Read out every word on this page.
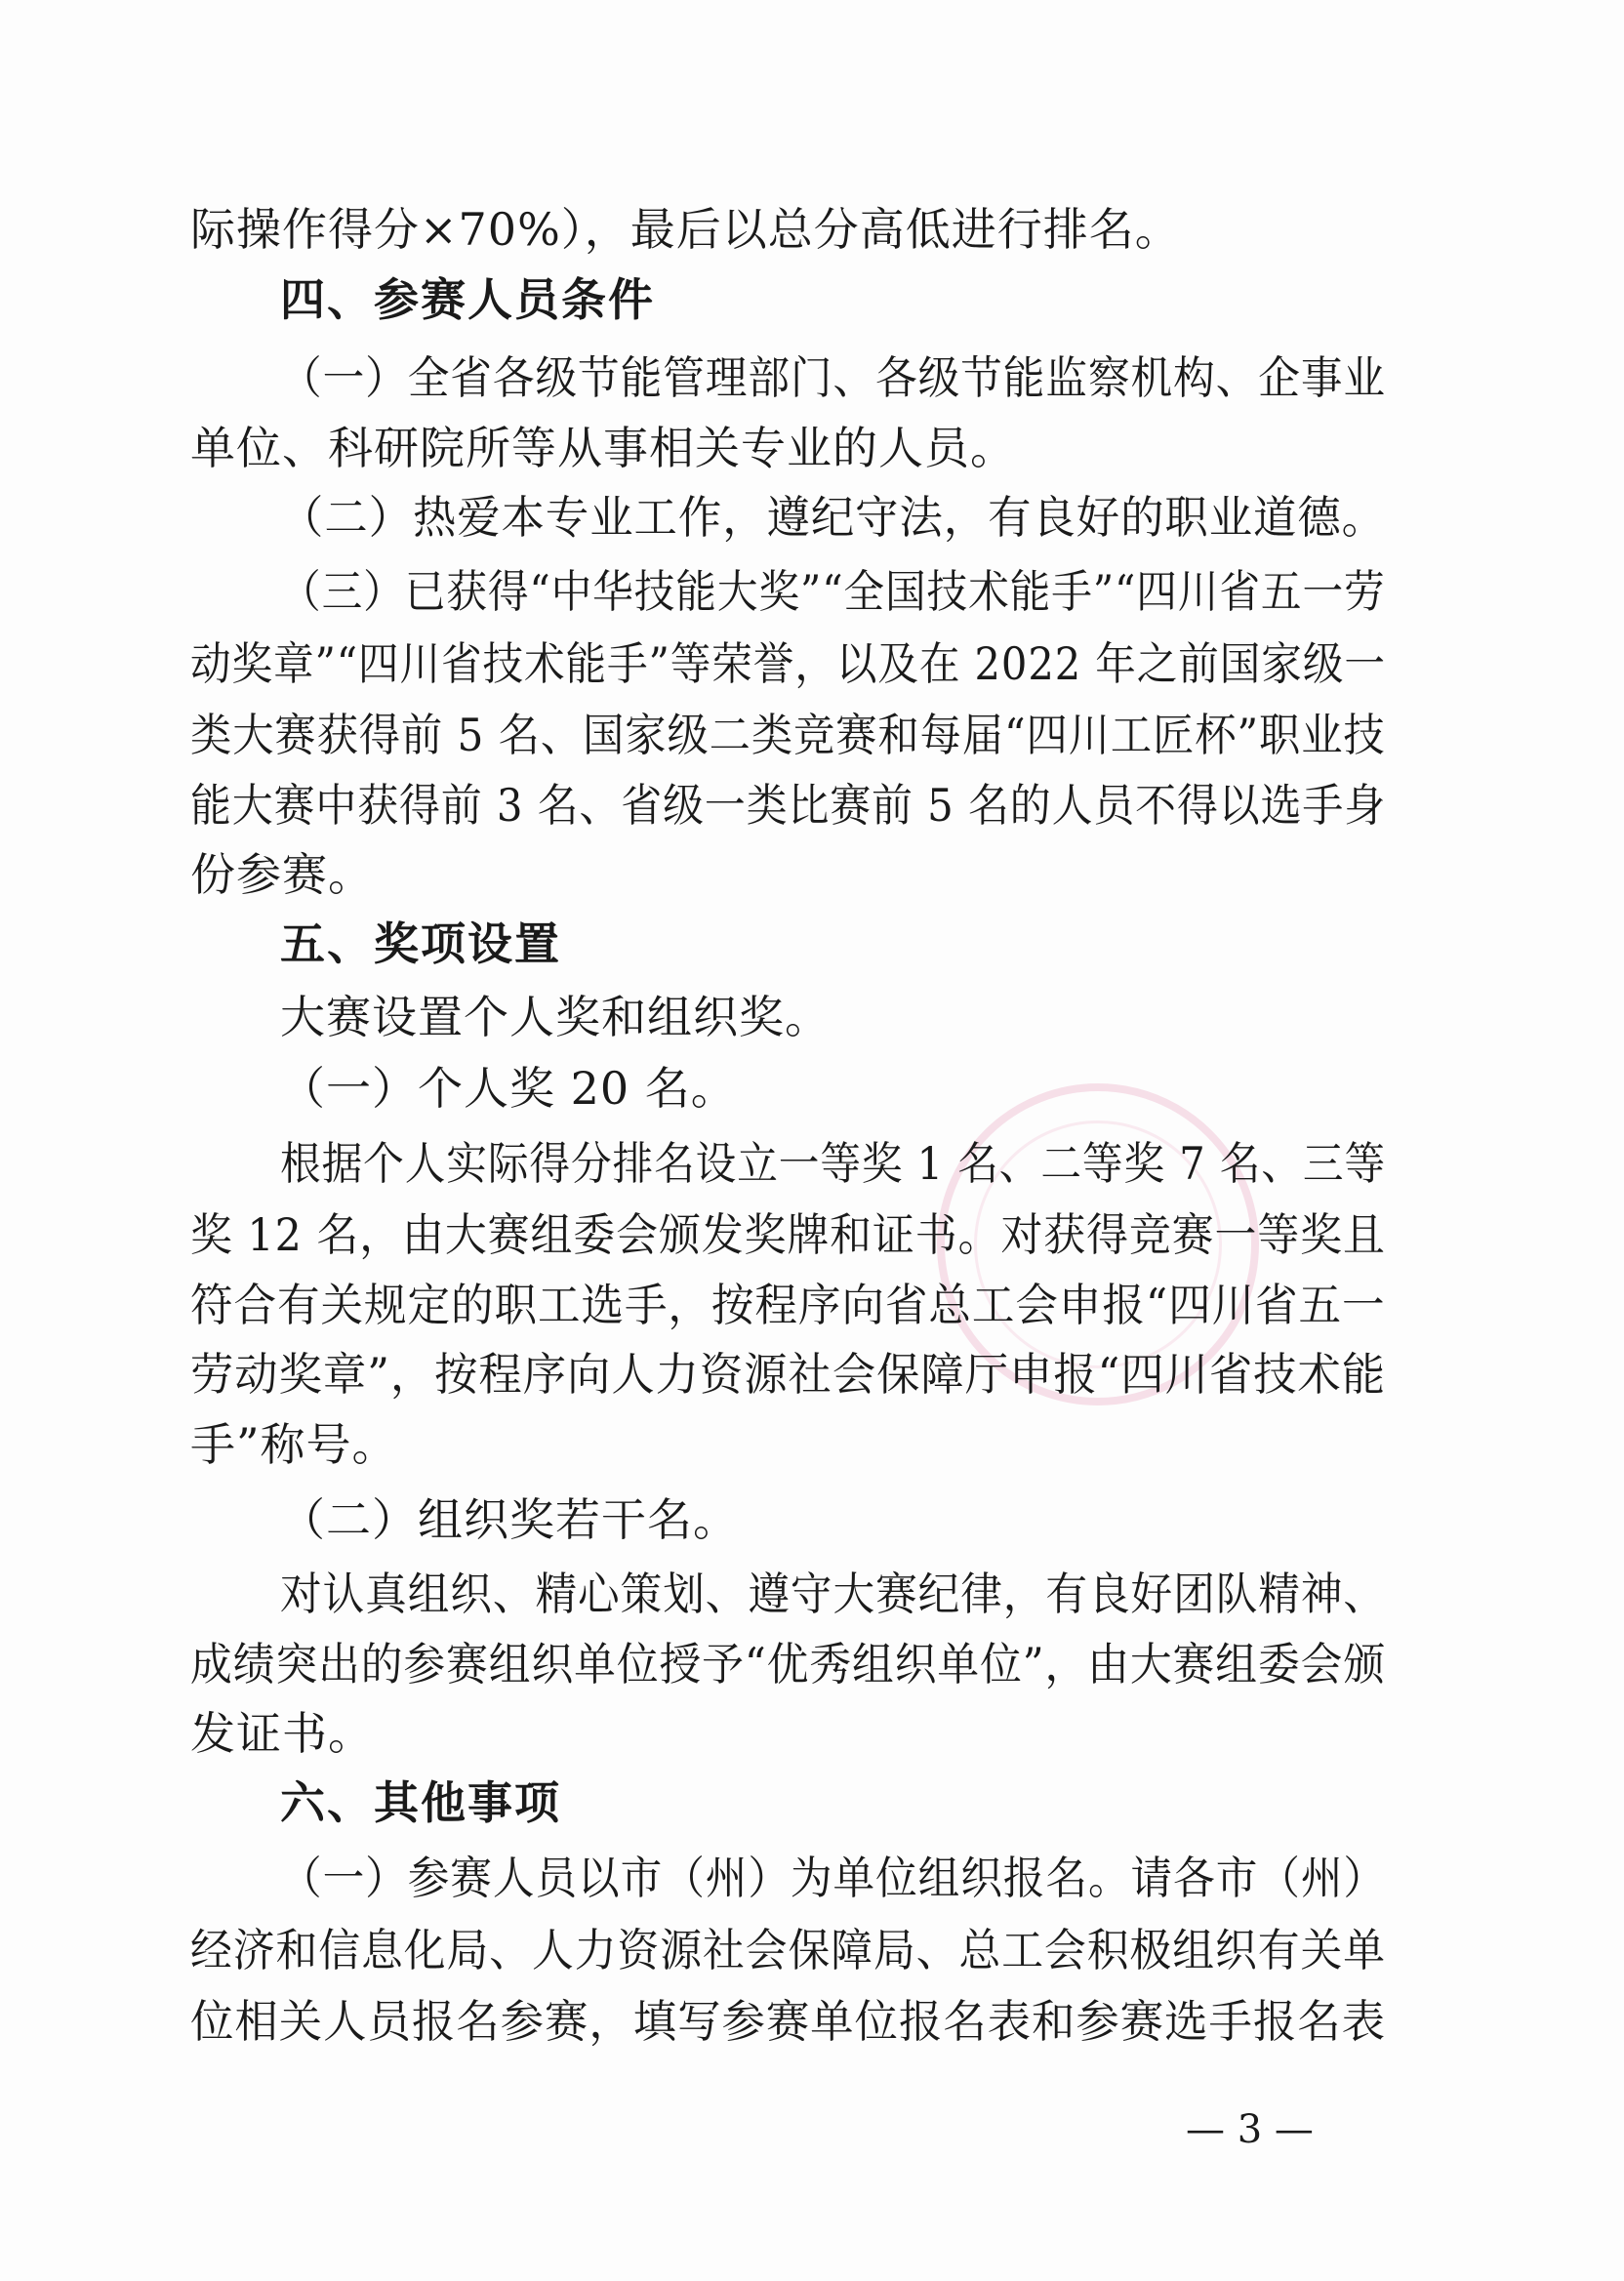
际操作得分×70%），最后以总分高低进行排名。
四、参赛人员条件
（一）全省各级节能管理部门、各级节能监察机构、企事业
单位、科研院所等从事相关专业的人员。
（二）热爱本专业工作，遵纪守法，有良好的职业道德。
（三）已获得“中华技能大奖”“全国技术能手”“四川省五一劳
动奖章”“四川省技术能手”等荣誉，以及在 2022 年之前国家级一
类大赛获得前 5 名、国家级二类竞赛和每届“四川工匠杯”职业技
能大赛中获得前 3 名、省级一类比赛前 5 名的人员不得以选手身
份参赛。
五、奖项设置
大赛设置个人奖和组织奖。
（一）个人奖 20 名。
根据个人实际得分排名设立一等奖 1 名、二等奖 7 名、三等
奖 12 名，由大赛组委会颁发奖牌和证书。对获得竞赛一等奖且
符合有关规定的职工选手，按程序向省总工会申报“四川省五一
劳动奖章”，按程序向人力资源社会保障厅申报“四川省技术能
手”称号。
（二）组织奖若干名。
对认真组织、精心策划、遵守大赛纪律，有良好团队精神、
成绩突出的参赛组织单位授予“优秀组织单位”，由大赛组委会颁
发证书。
六、其他事项
（一）参赛人员以市（州）为单位组织报名。请各市（州）
经济和信息化局、人力资源社会保障局、总工会积极组织有关单
位相关人员报名参赛，填写参赛单位报名表和参赛选手报名表
— 3 —
